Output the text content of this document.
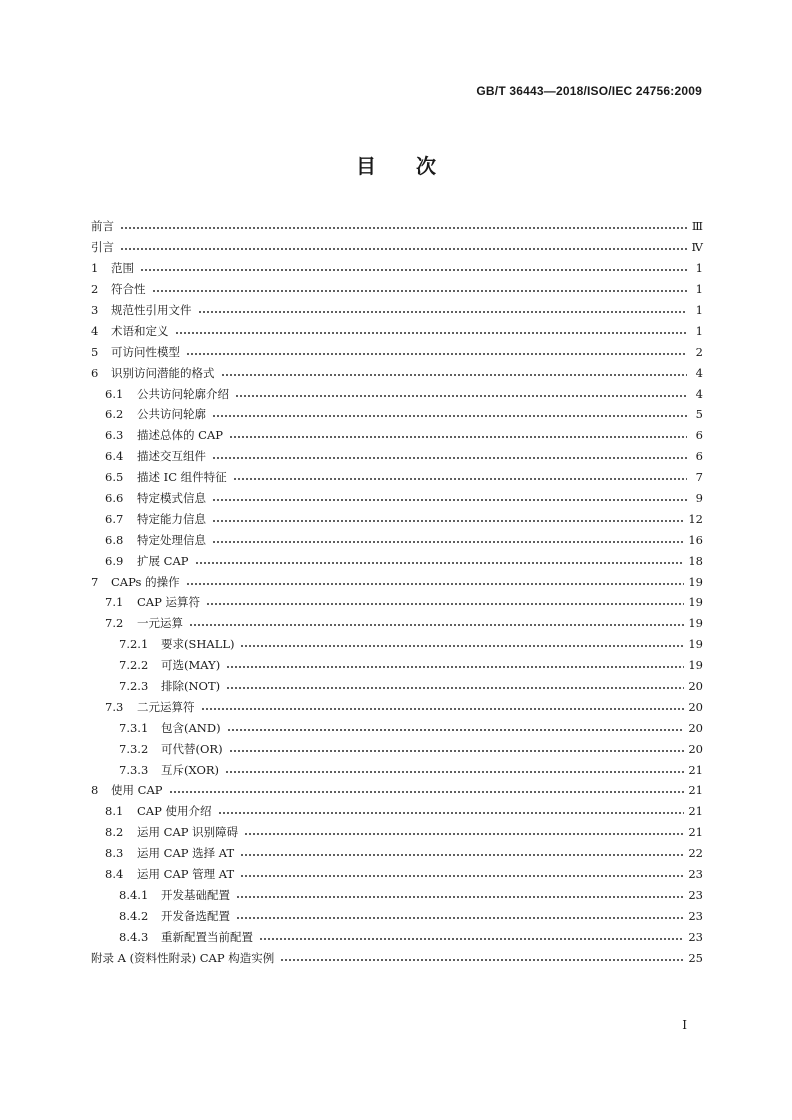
GB/T 36443—2018/ISO/IEC 24756:2009
目次
前言	Ⅲ
引言	Ⅳ
1	范围	1
2	符合性	1
3	规范性引用文件	1
4	术语和定义	1
5	可访问性模型	2
6	识别访问潜能的格式	4
6.1	公共访问轮廓介绍	4
6.2	公共访问轮廓	5
6.3	描述总体的 CAP	6
6.4	描述交互组件	6
6.5	描述 IC 组件特征	7
6.6	特定模式信息	9
6.7	特定能力信息	12
6.8	特定处理信息	16
6.9	扩展 CAP	18
7	CAPs 的操作	19
7.1	CAP 运算符	19
7.2	一元运算	19
7.2.1	要求(SHALL)	19
7.2.2	可选(MAY)	19
7.2.3	排除(NOT)	20
7.3	二元运算符	20
7.3.1	包含(AND)	20
7.3.2	可代替(OR)	20
7.3.3	互斥(XOR)	21
8	使用 CAP	21
8.1	CAP 使用介绍	21
8.2	运用 CAP 识别障碍	21
8.3	运用 CAP 选择 AT	22
8.4	运用 CAP 管理 AT	23
8.4.1	开发基础配置	23
8.4.2	开发备选配置	23
8.4.3	重新配置当前配置	23
附录 A (资料性附录) CAP 构造实例	25
I
